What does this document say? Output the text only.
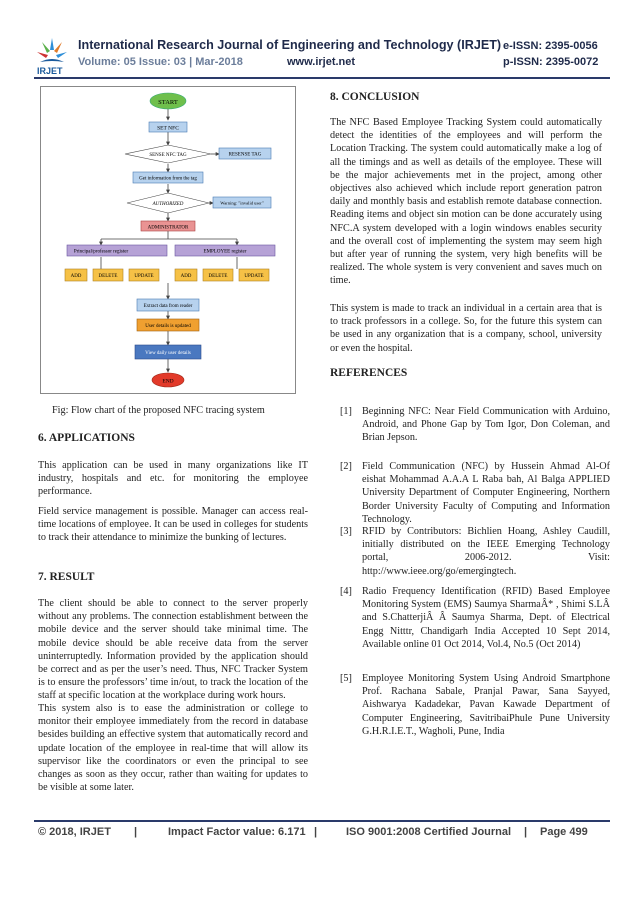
IRJET
International Research Journal of Engineering and Technology (IRJET) e-ISSN: 2395-0056
Volume: 05 Issue: 03 | Mar-2018	www.irjet.net	p-ISSN: 2395-0072
START
SET NFC
SENSE NFC TAG	RESENSE TAG
Get information from the tag
AUTHORIZED	Warning: "invalid user"
ADMINISTRATOR
Principal/professor register	EMPLOYEE register
ADD	DELETE	UPDATE	ADD	DELETE	UPDATE
Extract data from reader
User details is updated
View daily user details
END
Fig: Flow chart of the proposed NFC tracing system
6. APPLICATIONS

This application can be used in many organizations like IT industry, hospitals and etc. for monitoring the employee performance.

Field service management is possible. Manager can access real-time locations of employee. It can be used in colleges for students to track their attendance to minimize the bunking of lectures.

7. RESULT

The client should be able to connect to the server properly without any problems. The connection establishment between the mobile device and the server should take minimal time. The mobile device should be able receive data from the server uninterruptedly. Information provided by the application should be correct and as per the user’s need. Thus, NFC Tracker System is to ensure the professors’ time in/out, to track the location of the staff at specific location at the workplace during work hours.

This system also is to ease the administration or college to monitor their employee immediately from the record in database besides building an effective system that automatically record and update location of the employee in real-time that will allow its supervisor like the coordinators or even the principal to see changes as soon as they occur, rather than waiting for updates to be visible at some later.

8. CONCLUSION

The NFC Based Employee Tracking System could automatically detect the identities of the employees and will perform the Location Tracking. The system could automatically make a log of all the timings and as well as details of the employee. These will be the major achievements met in the project, among other objectives also achieved which include report generation patron daily and monthly basis and establish remote database connection. Reading items and object sin motion can be done accurately using NFC.A system developed with a login windows enables security and the overall cost of implementing the system may seem high but after year of running the system, very high benefits will be realized. The whole system is very convenient and saves much on time.

This system is made to track an individual in a certain area that is to track professors in a college. So, for the future this system can be used in any organization that is a company, school, university or even the hospital.

REFERENCES
[1] Beginning NFC: Near Field Communication with Arduino, Android, and Phone Gap by Tom Igor, Don Coleman, and Brian Jepson.
[2] Field Communication (NFC) by Hussein Ahmad Al-Of eishat Mohammad A.A.A L Raba bah, Al Balga APPLIED University Department of Computer Engineering, Northern Border University Faculty of Computing and Information Technology.
[3] RFID by Contributors: Bichlien Hoang, Ashley Caudill, initially distributed on the IEEE Emerging Technology portal, 2006-2012. Visit: http://www.ieee.org/go/emergingtech.
[4] Radio Frequency Identification (RFID) Based Employee Monitoring System (EMS) Saumya SharmaÂ* , Shimi S.LÂ and S.ChatterjiÂ Â Saumya Sharma, Dept. of Electrical Engg Nitttr, Chandigarh India Accepted 10 Sept 2014, Available online 01 Oct 2014, Vol.4, No.5 (Oct 2014)
[5] Employee Monitoring System Using Android Smartphone Prof. Rachana Sabale, Pranjal Pawar, Sana Sayyed, Aishwarya Kadadekar, Pavan Kawade Department of Computer Engineering, SavitribaiPhule Pune University G.H.R.I.E.T., Wagholi, Pune, India
© 2018, IRJET |	Impact Factor value: 6.171 |	ISO 9001:2008 Certified Journal | Page 499
